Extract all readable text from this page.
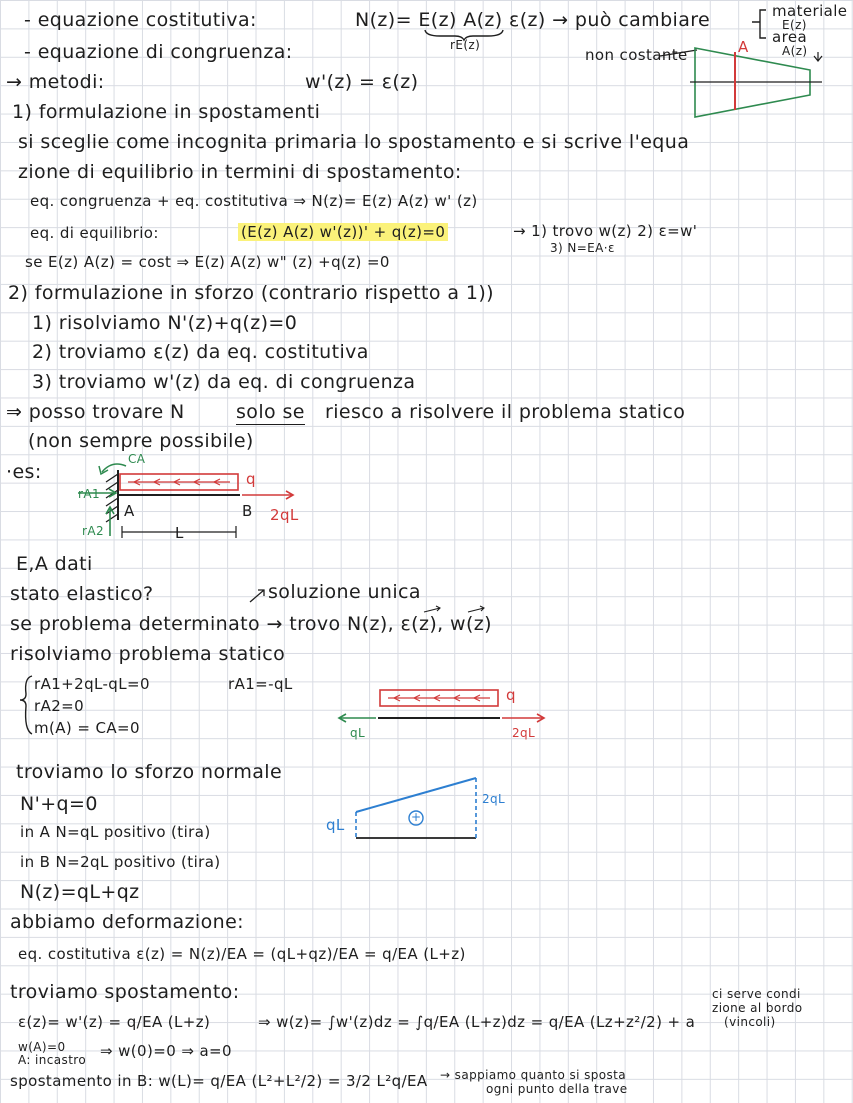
- equazione costitutiva:	N(z)= E(z) A(z) ε(z) → può cambiare
rE(z)
materiale
E(z)
area
- equazione di congruenza:	non costante
→ metodi:	w'(z) = ε(z)
1) formulazione in spostamenti
si sceglie come incognita primaria lo spostamento e si scrive l'equa
zione di equilibrio in termini di spostamento:
eq. congruenza + eq. costitutiva ⇒ N(z)= E(z) A(z) w' (z)
eq. di equilibrio:	(E(z) A(z) w'(z))' + q(z)=0	→ 1) trovo w(z) 2) ε=w'
3) N=EA·ε
se E(z) A(z) = cost ⇒ E(z) A(z) w" (z) +q(z) =0
2) formulazione in sforzo (contrario rispetto a 1))
1) risolviamo N'(z)+q(z)=0
2) troviamo ε(z) da eq. costitutiva
3) troviamo w'(z) da eq. di congruenza
⇒ posso trovare N	solo se riesco a risolvere il problema statico
(non sempre possibile)
·es:
E,A dati
stato elastico?	soluzione unica
se problema determinato → trovo N(z), ε(z), w(z)
risolviamo problema statico
rA1+2qL-qL=0	rA1=-qL
rA2=0
m(A) = CA=0
troviamo lo sforzo normale
N'+q=0
in A N=qL positivo (tira)
in B N=2qL positivo (tira)
N(z)=qL+qz
abbiamo deformazione:
eq. costitutiva ε(z) = N(z)/EA = (qL+qz)/EA = q/EA (L+z)
troviamo spostamento:
ε(z)= w'(z) = q/EA (L+z)	⇒ w(z)= ∫w'(z)dz = ∫q/EA (L+z)dz = q/EA (Lz+z²/2) + a
ci serve condi
zione al bordo
(vincoli)
w(A)=0
A: incastro ⇒ w(0)=0 ⇒ a=0
spostamento in B: w(L)= q/EA (L²+L²/2) = 3/2 L²q/EA → sappiamo quanto si sposta
ogni punto della trave
A	A(z)
CA
rA1
rA2
A	B
L
q
2qL
q
qL	2qL
qL
2qL
+
